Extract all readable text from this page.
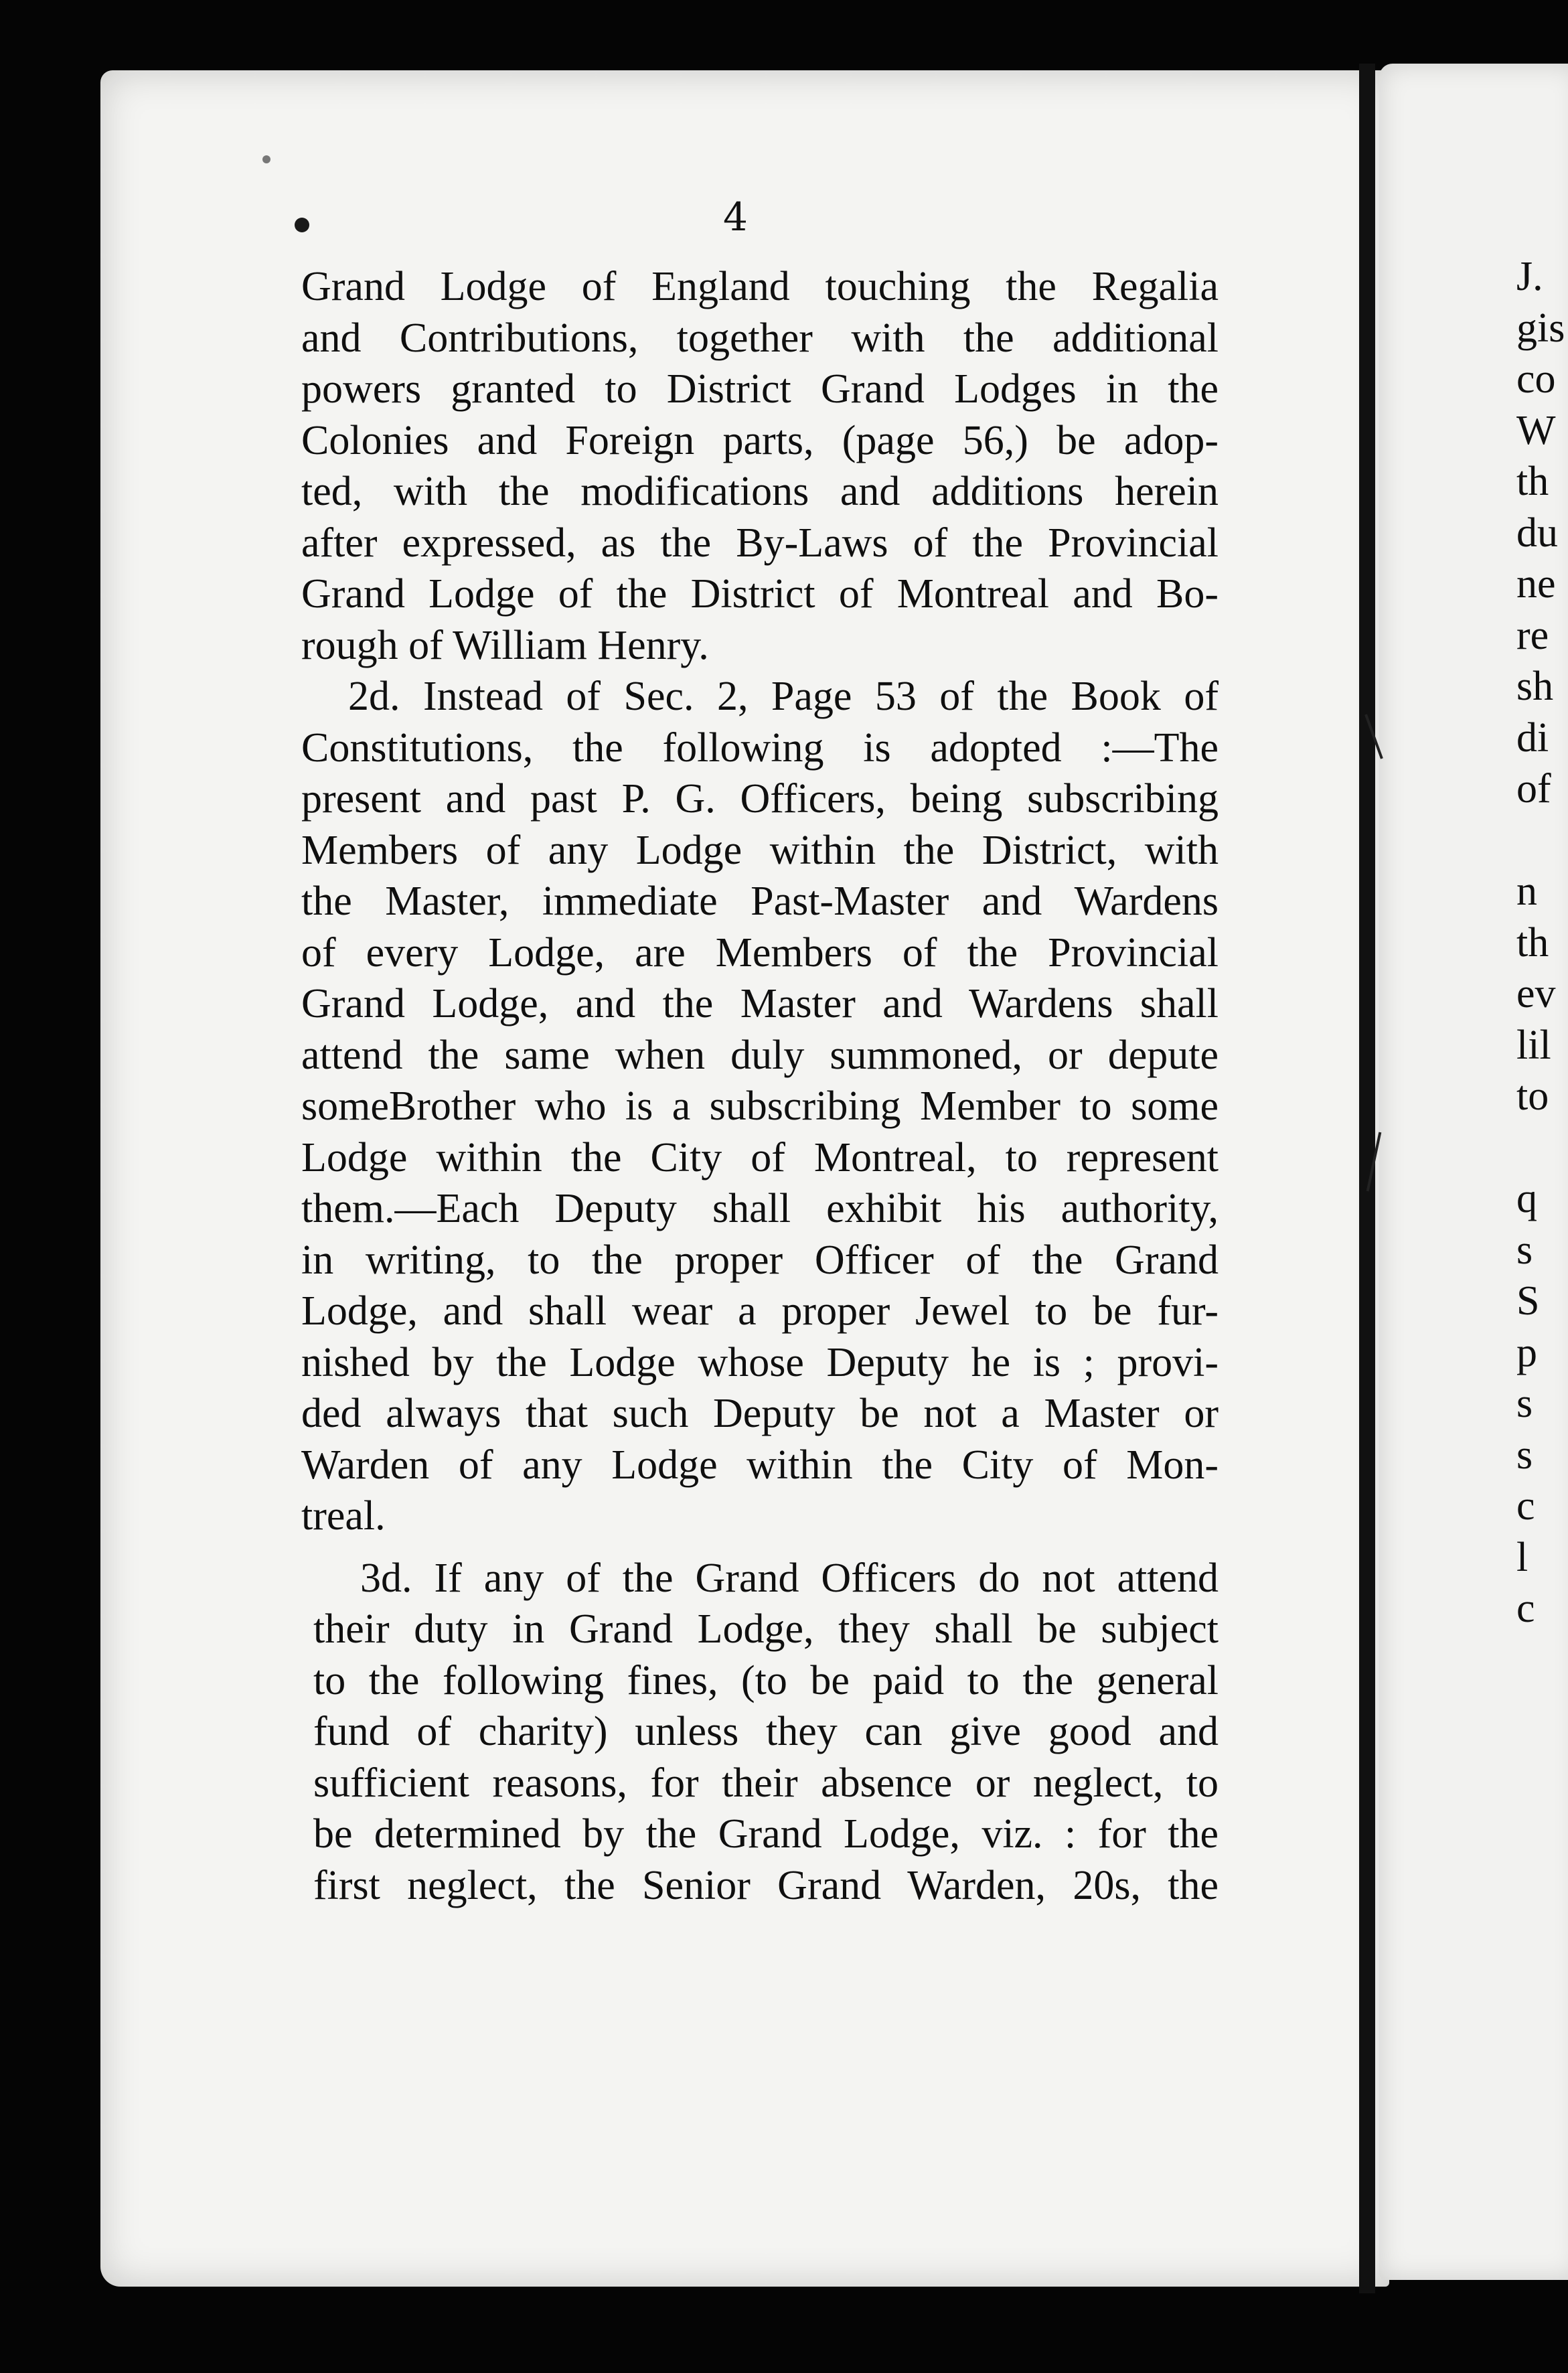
4

Grand Lodge of England touching the Regalia
and Contributions, together with the additional
powers granted to District Grand Lodges in the
Colonies and Foreign parts, (page 56,) be adop-
ted, with the modifications and additions herein
after expressed, as the By-Laws of the Provincial
Grand Lodge of the District of Montreal and Bo-
rough of William Henry.
2d. Instead of Sec. 2, Page 53 of the Book of
Constitutions, the following is adopted :—The
present and past P. G. Officers, being subscribing
Members of any Lodge within the District, with
the Master, immediate Past-Master and Wardens
of every Lodge, are Members of the Provincial
Grand Lodge, and the Master and Wardens shall
attend the same when duly summoned, or depute
someBrother who is a subscribing Member to some
Lodge within the City of Montreal, to represent
them.—Each Deputy shall exhibit his authority,
in writing, to the proper Officer of the Grand
Lodge, and shall wear a proper Jewel to be fur-
nished by the Lodge whose Deputy he is ; provi-
ded always that such Deputy be not a Master or
Warden of any Lodge within the City of Mon-
treal.
3d. If any of the Grand Officers do not attend
their duty in Grand Lodge, they shall be subject
to the following fines, (to be paid to the general
fund of charity) unless they can give good and
sufficient reasons, for their absence or neglect, to
be determined by the Grand Lodge, viz. : for the
first neglect, the Senior Grand Warden, 20s, the
J.
gis
co
W
th
du
ne
re
sh
di
of
n
th
ev
lil
to
q
s
S
p
s
s
c
l
c
